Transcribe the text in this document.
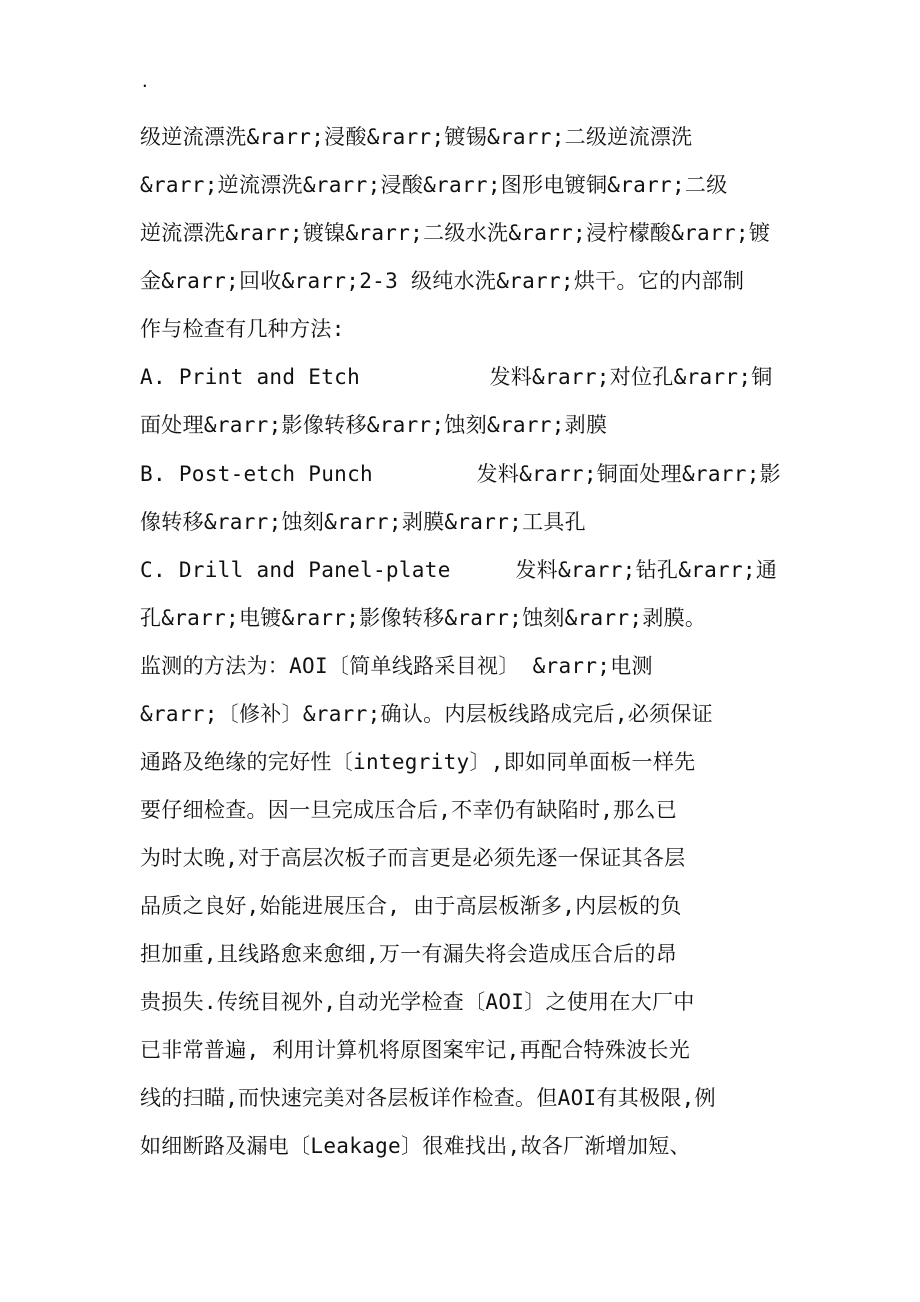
.
级逆流漂洗&rarr;浸酸&rarr;镀锡&rarr;二级逆流漂洗
&rarr;逆流漂洗&rarr;浸酸&rarr;图形电镀铜&rarr;二级
逆流漂洗&rarr;镀镍&rarr;二级水洗&rarr;浸柠檬酸&rarr;镀
金&rarr;回收&rarr;2-3 级纯水洗&rarr;烘干。它的内部制
作与检查有几种方法:
A. Print and Etch          发料&rarr;对位孔&rarr;铜
面处理&rarr;影像转移&rarr;蚀刻&rarr;剥膜
B. Post-etch Punch        发料&rarr;铜面处理&rarr;影
像转移&rarr;蚀刻&rarr;剥膜&rarr;工具孔
C. Drill and Panel-plate     发料&rarr;钻孔&rarr;通
孔&rarr;电镀&rarr;影像转移&rarr;蚀刻&rarr;剥膜。
监测的方法为：AOI〔简单线路采目视〕 &rarr;电测
&rarr;〔修补〕&rarr;确认。内层板线路成完后,必须保证
通路及绝缘的完好性〔integrity〕,即如同单面板一样先
要仔细检查。因一旦完成压合后,不幸仍有缺陷时,那么已
为时太晚,对于高层次板子而言更是必须先逐一保证其各层
品质之良好,始能进展压合, 由于高层板渐多,内层板的负
担加重,且线路愈来愈细,万一有漏失将会造成压合后的昂
贵损失.传统目视外,自动光学检查〔AOI〕之使用在大厂中
已非常普遍, 利用计算机将原图案牢记,再配合特殊波长光
线的扫瞄,而快速完美对各层板详作检查。但AOI有其极限,例
如细断路及漏电〔Leakage〕很难找出,故各厂渐增加短、
